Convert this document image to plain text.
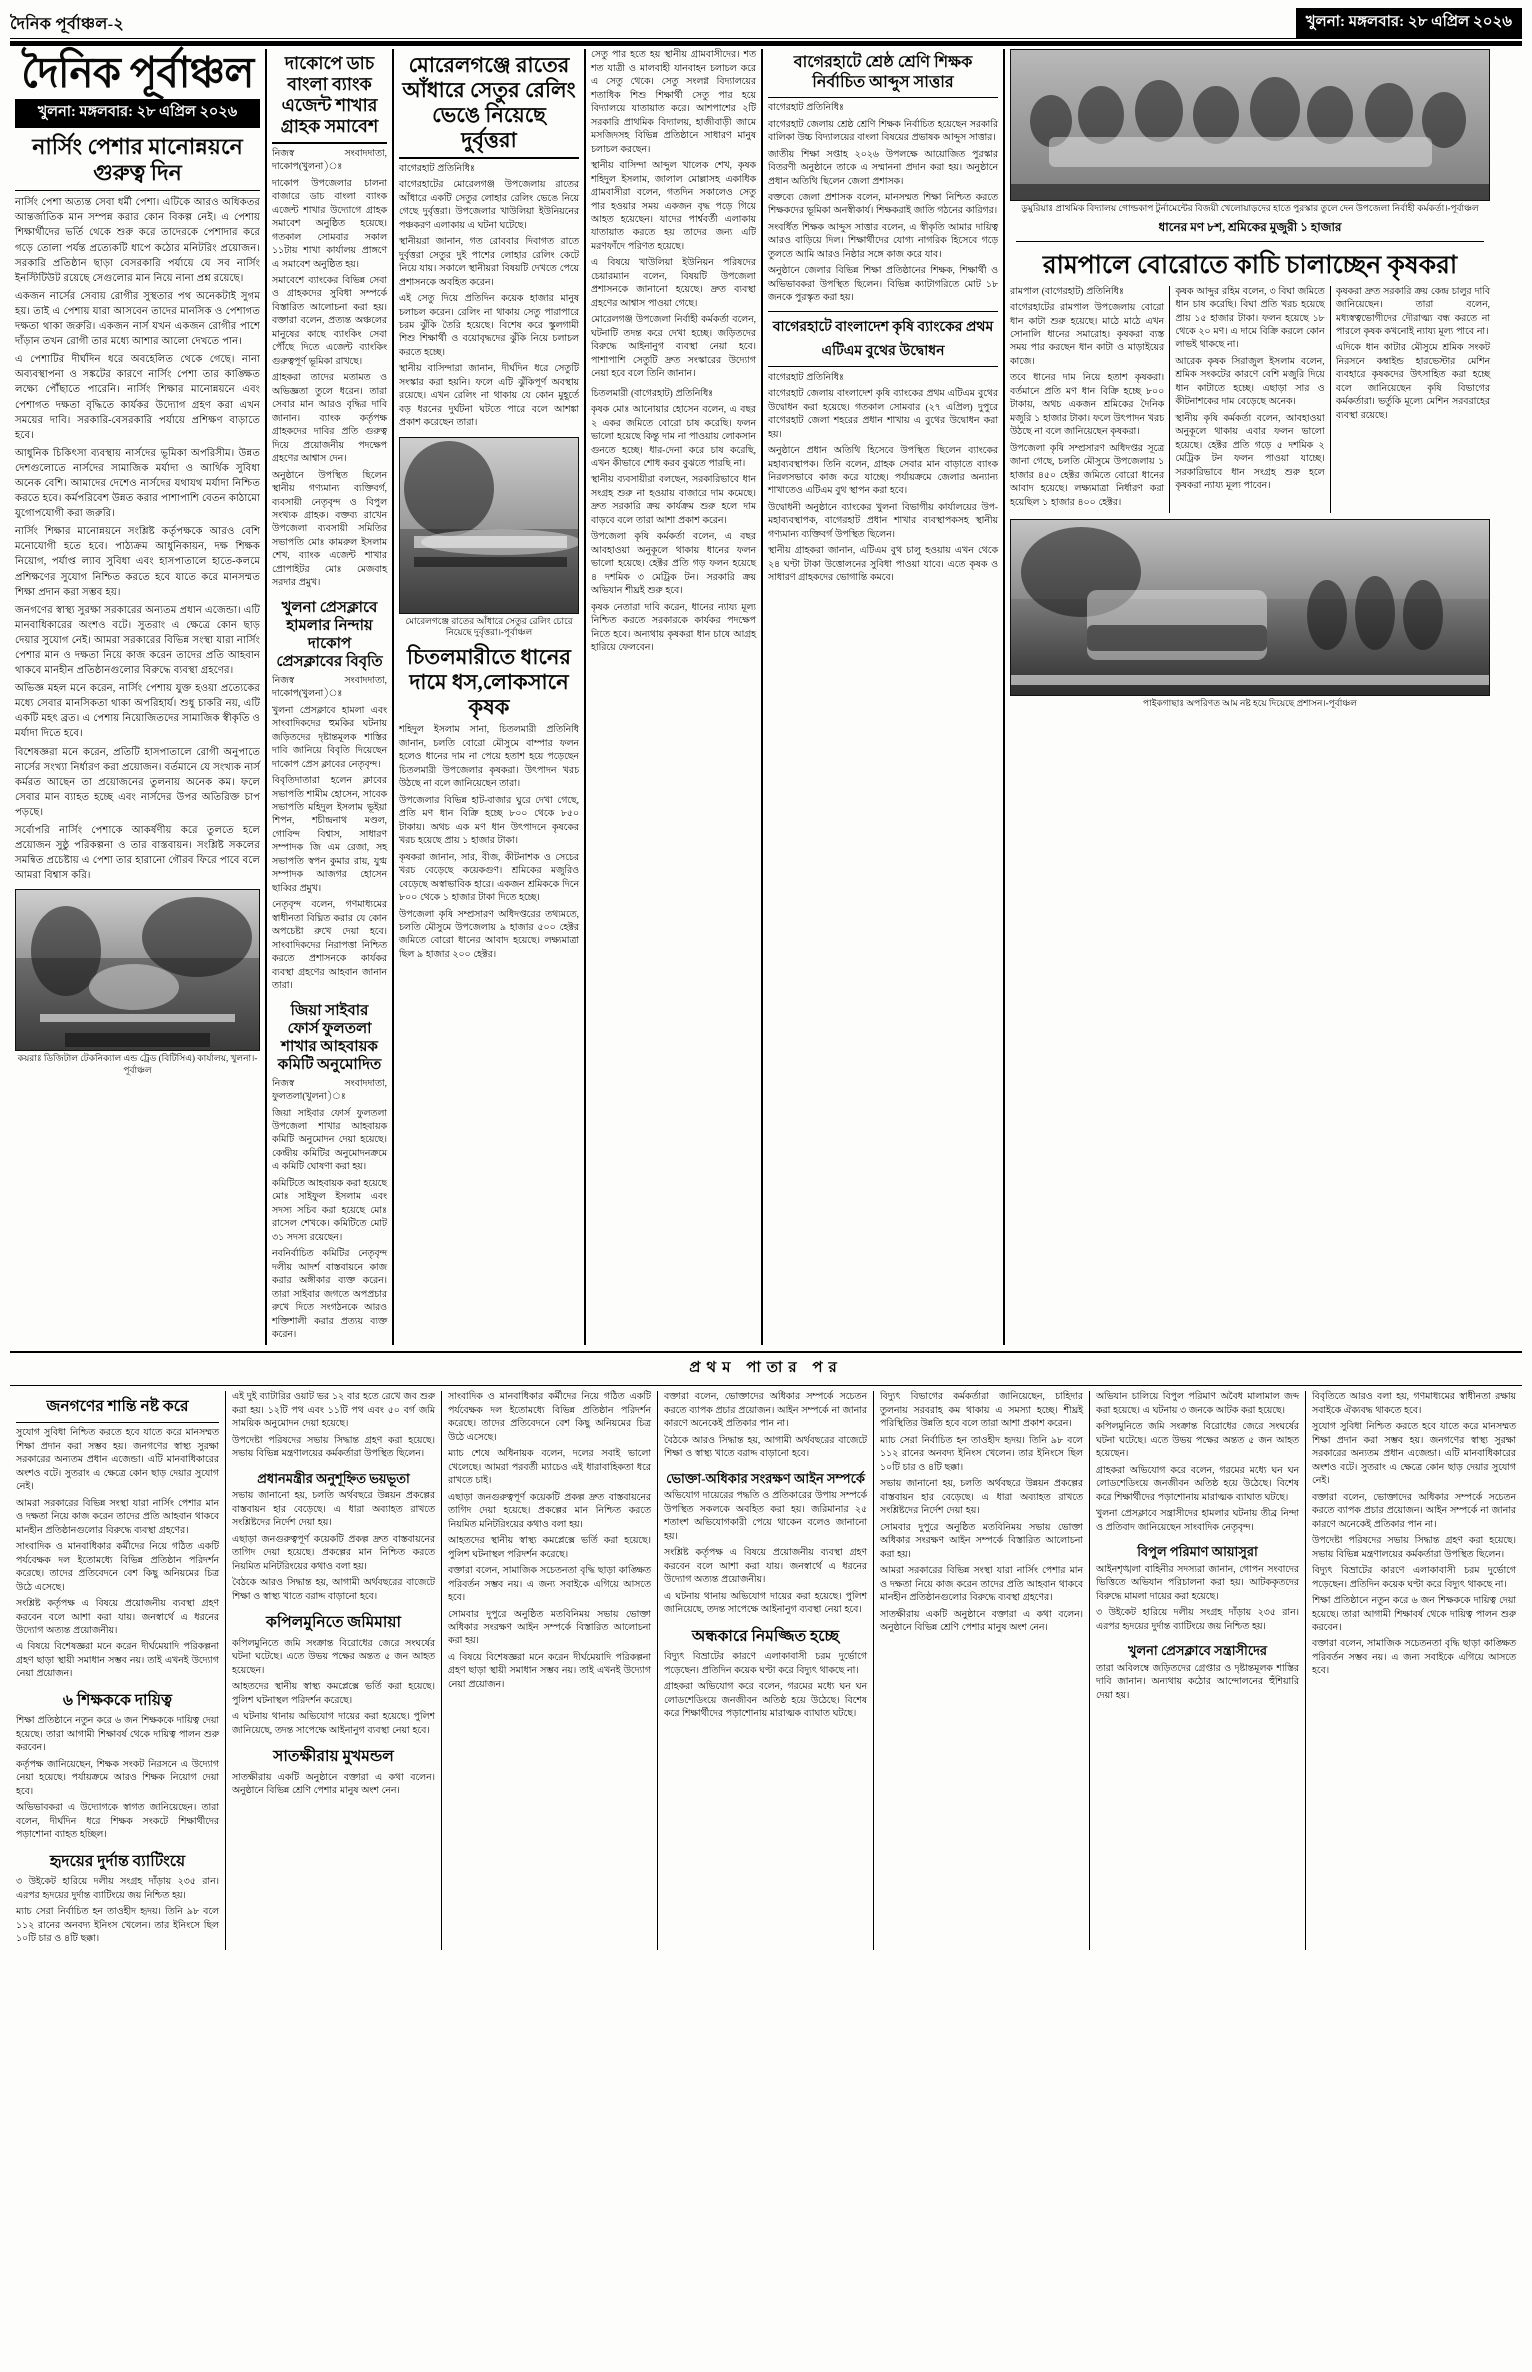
দৈনিক পূর্বাঞ্চল-২	খুলনা: মঙ্গলবার: ২৮ এপ্রিল ২০২৬
দৈনিক পূর্বাঞ্চল
খুলনা: মঙ্গলবার: ২৮ এপ্রিল ২০২৬
নার্সিং পেশার মানোন্নয়নে গুরুত্ব দিন

নার্সিং পেশা অত্যন্ত সেবা ধর্মী পেশা। এটিকে আরও অধিকতর আন্তর্জাতিক মান সম্পন্ন করার কোন বিকল্প নেই। এ পেশায় শিক্ষার্থীদের ভর্তি থেকে শুরু করে তাদেরকে পেশাদার করে গড়ে তোলা পর্যন্ত প্রত্যেকটি ধাপে কঠোর মনিটরিং প্রয়োজন। সরকারি প্রতিষ্ঠান ছাড়া বেসরকারি পর্যায়ে যে সব নার্সিং ইনস্টিটিউট রয়েছে সেগুলোর মান নিয়ে নানা প্রশ্ন রয়েছে।

একজন নার্সের সেবায় রোগীর সুস্থতার পথ অনেকটাই সুগম হয়। তাই এ পেশায় যারা আসবেন তাদের মানসিক ও পেশাগত দক্ষতা থাকা জরুরি। একজন নার্স যখন একজন রোগীর পাশে দাঁড়ান তখন রোগী তার মধ্যে আশার আলো দেখতে পান।

এ পেশাটির দীর্ঘদিন ধরে অবহেলিত থেকে গেছে। নানা অব্যবস্থাপনা ও সঙ্কটের কারণে নার্সিং পেশা তার কাঙ্ক্ষিত লক্ষ্যে পৌঁছাতে পারেনি। নার্সিং শিক্ষার মানোন্নয়নে এবং পেশাগত দক্ষতা বৃদ্ধিতে কার্যকর উদ্যোগ গ্রহণ করা এখন সময়ের দাবি। সরকারি-বেসরকারি পর্যায়ে প্রশিক্ষণ বাড়াতে হবে।

আধুনিক চিকিৎসা ব্যবস্থায় নার্সদের ভূমিকা অপরিসীম। উন্নত দেশগুলোতে নার্সদের সামাজিক মর্যাদা ও আর্থিক সুবিধা অনেক বেশি। আমাদের দেশেও নার্সদের যথাযথ মর্যাদা নিশ্চিত করতে হবে। কর্মপরিবেশ উন্নত করার পাশাপাশি বেতন কাঠামো যুগোপযোগী করা জরুরি।

নার্সিং শিক্ষার মানোন্নয়নে সংশ্লিষ্ট কর্তৃপক্ষকে আরও বেশি মনোযোগী হতে হবে। পাঠ্যক্রম আধুনিকায়ন, দক্ষ শিক্ষক নিয়োগ, পর্যাপ্ত ল্যাব সুবিধা এবং হাসপাতালে হাতে-কলমে প্রশিক্ষণের সুযোগ নিশ্চিত করতে হবে যাতে করে মানসম্মত শিক্ষা প্রদান করা সম্ভব হয়।

জনগণের স্বাস্থ্য সুরক্ষা সরকারের অন্যতম প্রধান এজেন্ডা। এটি মানবাধিকারের অংশও বটে। সুতরাং এ ক্ষেত্রে কোন ছাড় দেয়ার সুযোগ নেই। আমরা সরকারের বিভিন্ন সংস্থা যারা নার্সিং পেশার মান ও দক্ষতা নিয়ে কাজ করেন তাদের প্রতি আহবান থাকবে মানহীন প্রতিষ্ঠানগুলোর বিরুদ্ধে ব্যবস্থা গ্রহণের।

অভিজ্ঞ মহল মনে করেন, নার্সিং পেশায় যুক্ত হওয়া প্রত্যেকের মধ্যে সেবার মানসিকতা থাকা অপরিহার্য। শুধু চাকরি নয়, এটি একটি মহৎ ব্রত। এ পেশায় নিয়োজিতদের সামাজিক স্বীকৃতি ও মর্যাদা দিতে হবে।

বিশেষজ্ঞরা মনে করেন, প্রতিটি হাসপাতালে রোগী অনুপাতে নার্সের সংখ্যা নির্ধারণ করা প্রয়োজন। বর্তমানে যে সংখ্যক নার্স কর্মরত আছেন তা প্রয়োজনের তুলনায় অনেক কম। ফলে সেবার মান ব্যাহত হচ্ছে এবং নার্সদের উপর অতিরিক্ত চাপ পড়ছে।

সর্বোপরি নার্সিং পেশাকে আকর্ষণীয় করে তুলতে হলে প্রয়োজন সুষ্ঠু পরিকল্পনা ও তার বাস্তবায়ন। সংশ্লিষ্ট সকলের সমন্বিত প্রচেষ্টায় এ পেশা তার হারানো গৌরব ফিরে পাবে বলে আমরা বিশ্বাস করি।

কয়রাঃ ডিজিটাল টেকনিক্যাল এন্ড ট্রেড (বিটিসিএ) কার্যালয়, খুলনা।-পূর্বাঞ্চল
দাকোপে ডাচ বাংলা ব্যাংক এজেন্ট শাখার গ্রাহক সমাবেশ

নিজস্ব সংবাদদাতা, দাকোপ(খুলনা)ঃ

দাকোপ উপজেলার চালনা বাজারে ডাচ বাংলা ব্যাংক এজেন্ট শাখার উদ্যোগে গ্রাহক সমাবেশ অনুষ্ঠিত হয়েছে। গতকাল সোমবার সকাল ১১টায় শাখা কার্যালয় প্রাঙ্গণে এ সমাবেশ অনুষ্ঠিত হয়।

সমাবেশে ব্যাংকের বিভিন্ন সেবা ও গ্রাহকদের সুবিধা সম্পর্কে বিস্তারিত আলোচনা করা হয়। বক্তারা বলেন, প্রত্যন্ত অঞ্চলের মানুষের কাছে ব্যাংকিং সেবা পৌঁছে দিতে এজেন্ট ব্যাংকিং গুরুত্বপূর্ণ ভূমিকা রাখছে।

গ্রাহকরা তাদের মতামত ও অভিজ্ঞতা তুলে ধরেন। তারা সেবার মান আরও বৃদ্ধির দাবি জানান। ব্যাংক কর্তৃপক্ষ গ্রাহকদের দাবির প্রতি গুরুত্ব দিয়ে প্রয়োজনীয় পদক্ষেপ গ্রহণের আশ্বাস দেন।

অনুষ্ঠানে উপস্থিত ছিলেন স্থানীয় গণ্যমান্য ব্যক্তিবর্গ, ব্যবসায়ী নেতৃবৃন্দ ও বিপুল সংখ্যক গ্রাহক। বক্তব্য রাখেন উপজেলা ব্যবসায়ী সমিতির সভাপতি মোঃ কামরুল ইসলাম শেখ, ব্যাংক এজেন্ট শাখার প্রোপাইটর মোঃ মেজবাহ সরদার প্রমুখ।

খুলনা প্রেসক্লাবে হামলার নিন্দায় দাকোপ প্রেসক্লাবের বিবৃতি

নিজস্ব সংবাদদাতা, দাকোপ(খুলনা)ঃ

খুলনা প্রেসক্লাবে হামলা এবং সাংবাদিকদের হুমকির ঘটনায় জড়িতদের দৃষ্টান্তমূলক শাস্তির দাবি জানিয়ে বিবৃতি দিয়েছেন দাকোপ প্রেস ক্লাবের নেতৃবৃন্দ।

বিবৃতিদাতারা হলেন ক্লাবের সভাপতি শামীম হোসেন, সাবেক সভাপতি মহিদুল ইসলাম ভূইয়া শিপন, শচীন্দ্রনাথ মণ্ডল, গোবিন্দ বিশ্বাস, সাধারণ সম্পাদক জি এম রেজা, সহ সভাপতি স্বপন কুমার রায়, যুগ্ম সম্পাদক আজগর হোসেন ছাব্বির প্রমুখ।

নেতৃবৃন্দ বলেন, গণমাধ্যমের স্বাধীনতা বিঘ্নিত করার যে কোন অপচেষ্টা রুখে দেয়া হবে। সাংবাদিকদের নিরাপত্তা নিশ্চিত করতে প্রশাসনকে কার্যকর ব্যবস্থা গ্রহণের আহবান জানান তারা।

জিয়া সাইবার ফোর্স ফুলতলা শাখার আহবায়ক কমিটি অনুমোদিত

নিজস্ব সংবাদদাতা, ফুলতলা(খুলনা)ঃ

জিয়া সাইবার ফোর্স ফুলতলা উপজেলা শাখার আহবায়ক কমিটি অনুমোদন দেয়া হয়েছে। কেন্দ্রীয় কমিটির অনুমোদনক্রমে এ কমিটি ঘোষণা করা হয়।

কমিটিতে আহবায়ক করা হয়েছে মোঃ সাইফুল ইসলাম এবং সদস্য সচিব করা হয়েছে মোঃ রাসেল শেখকে। কমিটিতে মোট ৩১ সদস্য রয়েছেন।

নবনির্বাচিত কমিটির নেতৃবৃন্দ দলীয় আদর্শ বাস্তবায়নে কাজ করার অঙ্গীকার ব্যক্ত করেন। তারা সাইবার জগতে অপপ্রচার রুখে দিতে সংগঠনকে আরও শক্তিশালী করার প্রত্যয় ব্যক্ত করেন।

মোরেলগঞ্জে রাতের আঁধারে সেতুর রেলিং ভেঙে নিয়েছে দুর্বৃত্তরা

বাগেরহাট প্রতিনিধিঃ

বাগেরহাটের মোরেলগঞ্জ উপজেলায় রাতের আঁধারে একটি সেতুর লোহার রেলিং ভেঙে নিয়ে গেছে দুর্বৃত্তরা। উপজেলার খাউলিয়া ইউনিয়নের পঞ্চকরণ এলাকায় এ ঘটনা ঘটেছে।

স্থানীয়রা জানান, গত রোববার দিবাগত রাতে দুর্বৃত্তরা সেতুর দুই পাশের লোহার রেলিং কেটে নিয়ে যায়। সকালে স্থানীয়রা বিষয়টি দেখতে পেয়ে প্রশাসনকে অবহিত করেন।

এই সেতু দিয়ে প্রতিদিন কয়েক হাজার মানুষ চলাচল করেন। রেলিং না থাকায় সেতু পারাপারে চরম ঝুঁকি তৈরি হয়েছে। বিশেষ করে স্কুলগামী শিশু শিক্ষার্থী ও বয়োবৃদ্ধদের ঝুঁকি নিয়ে চলাচল করতে হচ্ছে।

স্থানীয় বাসিন্দারা জানান, দীর্ঘদিন ধরে সেতুটি সংস্কার করা হয়নি। ফলে এটি ঝুঁকিপূর্ণ অবস্থায় রয়েছে। এখন রেলিং না থাকায় যে কোন মুহূর্তে বড় ধরনের দুর্ঘটনা ঘটতে পারে বলে আশঙ্কা প্রকাশ করেছেন তারা।

মোরেলগঞ্জে রাতের আঁধারে সেতুর রেলিং চোরে নিয়েছে দুর্বৃত্তরা।-পূর্বাঞ্চল
চিতলমারীতে ধানের দামে ধস,লোকসানে কৃষক

শহিদুল ইসলাম সানা, চিতলমারী প্রতিনিধি জানান, চলতি বোরো মৌসুমে বাম্পার ফলন হলেও ধানের দাম না পেয়ে হতাশ হয়ে পড়েছেন চিতলমারী উপজেলার কৃষকরা। উৎপাদন খরচ উঠছে না বলে জানিয়েছেন তারা।

উপজেলার বিভিন্ন হাট-বাজার ঘুরে দেখা গেছে, প্রতি মণ ধান বিক্রি হচ্ছে ৮০০ থেকে ৮৫০ টাকায়। অথচ এক মণ ধান উৎপাদনে কৃষকের খরচ হয়েছে প্রায় ১ হাজার টাকা।

কৃষকরা জানান, সার, বীজ, কীটনাশক ও সেচের খরচ বেড়েছে কয়েকগুণ। শ্রমিকের মজুরিও বেড়েছে অস্বাভাবিক হারে। একজন শ্রমিককে দিনে ৮০০ থেকে ১ হাজার টাকা দিতে হচ্ছে।

উপজেলা কৃষি সম্প্রসারণ অধিদপ্তরের তথ্যমতে, চলতি মৌসুমে উপজেলায় ৯ হাজার ৫০০ হেক্টর জমিতে বোরো ধানের আবাদ হয়েছে। লক্ষ্যমাত্রা ছিল ৯ হাজার ২০০ হেক্টর।

সেতু পার হতে হয় স্থানীয় গ্রামবাসীদের। শত শত যাত্রী ও মালবাহী যানবাহন চলাচল করে এ সেতু থেকে। সেতু সংলগ্ন বিদ্যালয়ের শতাধিক শিশু শিক্ষার্থী সেতু পার হয়ে বিদ্যালয়ে যাতায়াত করে। আশপাশের ২টি সরকারি প্রাথমিক বিদ্যালয়, হাজীবাড়ী জামে মসজিদসহ বিভিন্ন প্রতিষ্ঠানে সাধারণ মানুষ চলাচল করছেন।

স্থানীয় বাসিন্দা আব্দুল খালেক শেখ, কৃষক শহিদুল ইসলাম, জালাল মোল্লাসহ একাধিক গ্রামবাসীরা বলেন, গতদিন সকালেও সেতু পার হওয়ার সময় একজন বৃদ্ধ পড়ে গিয়ে আহত হয়েছেন। যাদের পার্শ্ববর্তী এলাকায় যাতায়াত করতে হয় তাদের জন্য এটি মরণফাঁদে পরিণত হয়েছে।

এ বিষয়ে খাউলিয়া ইউনিয়ন পরিষদের চেয়ারম্যান বলেন, বিষয়টি উপজেলা প্রশাসনকে জানানো হয়েছে। দ্রুত ব্যবস্থা গ্রহণের আশ্বাস পাওয়া গেছে।

মোরেলগঞ্জ উপজেলা নির্বাহী কর্মকর্তা বলেন, ঘটনাটি তদন্ত করে দেখা হচ্ছে। জড়িতদের বিরুদ্ধে আইনানুগ ব্যবস্থা নেয়া হবে। পাশাপাশি সেতুটি দ্রুত সংস্কারের উদ্যোগ নেয়া হবে বলে তিনি জানান।

চিতলমারী (বাগেরহাট) প্রতিনিধিঃ

কৃষক মোঃ আনোয়ার হোসেন বলেন, এ বছর ২ একর জমিতে বোরো চাষ করেছি। ফলন ভালো হয়েছে কিন্তু দাম না পাওয়ায় লোকসান গুনতে হচ্ছে। ধার-দেনা করে চাষ করেছি, এখন কীভাবে শোধ করব বুঝতে পারছি না।

স্থানীয় ব্যবসায়ীরা বলছেন, সরকারিভাবে ধান সংগ্রহ শুরু না হওয়ায় বাজারে দাম কমেছে। দ্রুত সরকারি ক্রয় কার্যক্রম শুরু হলে দাম বাড়বে বলে তারা আশা প্রকাশ করেন।

উপজেলা কৃষি কর্মকর্তা বলেন, এ বছর আবহাওয়া অনুকূলে থাকায় ধানের ফলন ভালো হয়েছে। হেক্টর প্রতি গড় ফলন হয়েছে ৪ দশমিক ৩ মেট্রিক টন। সরকারি ক্রয় অভিযান শীঘ্রই শুরু হবে।

কৃষক নেতারা দাবি করেন, ধানের ন্যায্য মূল্য নিশ্চিত করতে সরকারকে কার্যকর পদক্ষেপ নিতে হবে। অন্যথায় কৃষকরা ধান চাষে আগ্রহ হারিয়ে ফেলবেন।

বাগেরহাটে শ্রেষ্ঠ শ্রেণি শিক্ষক নির্বাচিত আব্দুস সাত্তার

বাগেরহাট প্রতিনিধিঃ

বাগেরহাট জেলায় শ্রেষ্ঠ শ্রেণি শিক্ষক নির্বাচিত হয়েছেন সরকারি বালিকা উচ্চ বিদ্যালয়ের বাংলা বিষয়ের প্রভাষক আব্দুস সাত্তার।

জাতীয় শিক্ষা সপ্তাহ ২০২৬ উপলক্ষে আয়োজিত পুরস্কার বিতরণী অনুষ্ঠানে তাকে এ সম্মাননা প্রদান করা হয়। অনুষ্ঠানে প্রধান অতিথি ছিলেন জেলা প্রশাসক।

বক্তব্যে জেলা প্রশাসক বলেন, মানসম্মত শিক্ষা নিশ্চিত করতে শিক্ষকদের ভূমিকা অনস্বীকার্য। শিক্ষকরাই জাতি গঠনের কারিগর।

সংবর্ধিত শিক্ষক আব্দুস সাত্তার বলেন, এ স্বীকৃতি আমার দায়িত্ব আরও বাড়িয়ে দিল। শিক্ষার্থীদের যোগ্য নাগরিক হিসেবে গড়ে তুলতে আমি আরও নিষ্ঠার সঙ্গে কাজ করে যাব।

অনুষ্ঠানে জেলার বিভিন্ন শিক্ষা প্রতিষ্ঠানের শিক্ষক, শিক্ষার্থী ও অভিভাবকরা উপস্থিত ছিলেন। বিভিন্ন ক্যাটাগরিতে মোট ১৮ জনকে পুরস্কৃত করা হয়।

বাগেরহাটে বাংলাদেশ কৃষি ব্যাংকের প্রথম এটিএম বুথের উদ্বোধন

বাগেরহাট প্রতিনিধিঃ

বাগেরহাট জেলায় বাংলাদেশ কৃষি ব্যাংকের প্রথম এটিএম বুথের উদ্বোধন করা হয়েছে। গতকাল সোমবার (২৭ এপ্রিল) দুপুরে বাগেরহাট জেলা শহরের প্রধান শাখায় এ বুথের উদ্বোধন করা হয়।

অনুষ্ঠানে প্রধান অতিথি হিসেবে উপস্থিত ছিলেন ব্যাংকের মহাব্যবস্থাপক। তিনি বলেন, গ্রাহক সেবার মান বাড়াতে ব্যাংক নিরলসভাবে কাজ করে যাচ্ছে। পর্যায়ক্রমে জেলার অন্যান্য শাখাতেও এটিএম বুথ স্থাপন করা হবে।

উদ্বোধনী অনুষ্ঠানে ব্যাংকের খুলনা বিভাগীয় কার্যালয়ের উপ-মহাব্যবস্থাপক, বাগেরহাট প্রধান শাখার ব্যবস্থাপকসহ স্থানীয় গণ্যমান্য ব্যক্তিবর্গ উপস্থিত ছিলেন।

স্থানীয় গ্রাহকরা জানান, এটিএম বুথ চালু হওয়ায় এখন থেকে ২৪ ঘণ্টা টাকা উত্তোলনের সুবিধা পাওয়া যাবে। এতে কৃষক ও সাধারণ গ্রাহকদের ভোগান্তি কমবে।

ডুমুরিয়াঃ প্রাথমিক বিদ্যালয় গোল্ডকাপ টুর্নামেন্টের বিজয়ী খেলোয়াড়দের হাতে পুরস্কার তুলে দেন উপজেলা নির্বাহী কর্মকর্তা।-পূর্বাঞ্চল
ধানের মণ ৮শ, শ্রমিকের মুজুরী ১ হাজার
রামপালে বোরোতে কাচি চালাচ্ছেন কৃষকরা

রামপাল (বাগেরহাট) প্রতিনিধিঃ

বাগেরহাটের রামপাল উপজেলায় বোরো ধান কাটা শুরু হয়েছে। মাঠে মাঠে এখন সোনালি ধানের সমারোহ। কৃষকরা ব্যস্ত সময় পার করছেন ধান কাটা ও মাড়াইয়ের কাজে।

তবে ধানের দাম নিয়ে হতাশ কৃষকরা। বর্তমানে প্রতি মণ ধান বিক্রি হচ্ছে ৮০০ টাকায়, অথচ একজন শ্রমিকের দৈনিক মজুরি ১ হাজার টাকা। ফলে উৎপাদন খরচ উঠছে না বলে জানিয়েছেন কৃষকরা।

উপজেলা কৃষি সম্প্রসারণ অধিদপ্তর সূত্রে জানা গেছে, চলতি মৌসুমে উপজেলায় ১ হাজার ৪৫০ হেক্টর জমিতে বোরো ধানের আবাদ হয়েছে। লক্ষ্যমাত্রা নির্ধারণ করা হয়েছিল ১ হাজার ৪০০ হেক্টর।

কৃষক আব্দুর রহিম বলেন, ৩ বিঘা জমিতে ধান চাষ করেছি। বিঘা প্রতি খরচ হয়েছে প্রায় ১৫ হাজার টাকা। ফলন হয়েছে ১৮ থেকে ২০ মণ। এ দামে বিক্রি করলে কোন লাভই থাকছে না।

আরেক কৃষক সিরাজুল ইসলাম বলেন, শ্রমিক সংকটের কারণে বেশি মজুরি দিয়ে ধান কাটাতে হচ্ছে। এছাড়া সার ও কীটনাশকের দাম বেড়েছে অনেক।

স্থানীয় কৃষি কর্মকর্তা বলেন, আবহাওয়া অনুকূলে থাকায় এবার ফলন ভালো হয়েছে। হেক্টর প্রতি গড়ে ৫ দশমিক ২ মেট্রিক টন ফলন পাওয়া যাচ্ছে। সরকারিভাবে ধান সংগ্রহ শুরু হলে কৃষকরা ন্যায্য মূল্য পাবেন।

কৃষকরা দ্রুত সরকারি ক্রয় কেন্দ্র চালুর দাবি জানিয়েছেন। তারা বলেন, মধ্যস্বত্বভোগীদের দৌরাত্ম্য বন্ধ করতে না পারলে কৃষক কখনোই ন্যায্য মূল্য পাবে না।

এদিকে ধান কাটার মৌসুমে শ্রমিক সংকট নিরসনে কম্বাইন্ড হারভেস্টার মেশিন ব্যবহারে কৃষকদের উৎসাহিত করা হচ্ছে বলে জানিয়েছেন কৃষি বিভাগের কর্মকর্তারা। ভর্তুকি মূল্যে মেশিন সরবরাহের ব্যবস্থা রয়েছে।

পাইকগাছাঃ অপরিণত আম নষ্ট হয়ে দিয়েছে প্রশাসন।-পূর্বাঞ্চল
প্রথম পাতার পর
জনগণের শান্তি নষ্ট করে

সুযোগ সুবিধা নিশ্চিত করতে হবে যাতে করে মানসম্মত শিক্ষা প্রদান করা সম্ভব হয়। জনগণের স্বাস্থ্য সুরক্ষা সরকারের অন্যতম প্রধান এজেন্ডা। এটি মানবাধিকারের অংশও বটে। সুতরাং এ ক্ষেত্রে কোন ছাড় দেয়ার সুযোগ নেই।

আমরা সরকারের বিভিন্ন সংস্থা যারা নার্সিং পেশার মান ও দক্ষতা নিয়ে কাজ করেন তাদের প্রতি আহবান থাকবে মানহীন প্রতিষ্ঠানগুলোর বিরুদ্ধে ব্যবস্থা গ্রহণের।

সাংবাদিক ও মানবাধিকার কর্মীদের নিয়ে গঠিত একটি পর্যবেক্ষক দল ইতোমধ্যে বিভিন্ন প্রতিষ্ঠান পরিদর্শন করেছে। তাদের প্রতিবেদনে বেশ কিছু অনিয়মের চিত্র উঠে এসেছে।

সংশ্লিষ্ট কর্তৃপক্ষ এ বিষয়ে প্রয়োজনীয় ব্যবস্থা গ্রহণ করবেন বলে আশা করা যায়। জনস্বার্থে এ ধরনের উদ্যোগ অত্যন্ত প্রয়োজনীয়।

এ বিষয়ে বিশেষজ্ঞরা মনে করেন দীর্ঘমেয়াদি পরিকল্পনা গ্রহণ ছাড়া স্থায়ী সমাধান সম্ভব নয়। তাই এখনই উদ্যোগ নেয়া প্রয়োজন।

৬ শিক্ষককে দায়িত্ব

শিক্ষা প্রতিষ্ঠানে নতুন করে ৬ জন শিক্ষককে দায়িত্ব দেয়া হয়েছে। তারা আগামী শিক্ষাবর্ষ থেকে দায়িত্ব পালন শুরু করবেন।

কর্তৃপক্ষ জানিয়েছেন, শিক্ষক সংকট নিরসনে এ উদ্যোগ নেয়া হয়েছে। পর্যায়ক্রমে আরও শিক্ষক নিয়োগ দেয়া হবে।

অভিভাবকরা এ উদ্যোগকে স্বাগত জানিয়েছেন। তারা বলেন, দীর্ঘদিন ধরে শিক্ষক সংকটে শিক্ষার্থীদের পড়াশোনা ব্যাহত হচ্ছিল।

হৃদয়ের দুর্দান্ত ব্যাটিংয়ে

৩ উইকেট হারিয়ে দলীয় সংগ্রহ দাঁড়ায় ২৩৫ রান। এরপর হৃদয়ের দুর্দান্ত ব্যাটিংয়ে জয় নিশ্চিত হয়।

ম্যাচ সেরা নির্বাচিত হন তাওহীদ হৃদয়। তিনি ৯৮ বলে ১১২ রানের অনবদ্য ইনিংস খেলেন। তার ইনিংসে ছিল ১০টি চার ও ৪টি ছক্কা।

এই দুই ব্যাটারির ওয়াট ভর ১২ বার হতে রেখে জব শুরু করা হয়। ১২টি পথ এবং ১১টি পথ এবং ৫০ বর্গ জমি সাময়িক অনুমোদন দেয়া হয়েছে।

উপদেষ্টা পরিষদের সভায় সিদ্ধান্ত গ্রহণ করা হয়েছে। সভায় বিভিন্ন মন্ত্রণালয়ের কর্মকর্তারা উপস্থিত ছিলেন।

প্রধানমন্ত্রীর অনুশূহ্নিত ভয়ভূতা

সভায় জানানো হয়, চলতি অর্থবছরে উন্নয়ন প্রকল্পের বাস্তবায়ন হার বেড়েছে। এ ধারা অব্যাহত রাখতে সংশ্লিষ্টদের নির্দেশ দেয়া হয়।

এছাড়া জনগুরুত্বপূর্ণ কয়েকটি প্রকল্প দ্রুত বাস্তবায়নের তাগিদ দেয়া হয়েছে। প্রকল্পের মান নিশ্চিত করতে নিয়মিত মনিটরিংয়ের কথাও বলা হয়।

বৈঠকে আরও সিদ্ধান্ত হয়, আগামী অর্থবছরের বাজেটে শিক্ষা ও স্বাস্থ্য খাতে বরাদ্দ বাড়ানো হবে।

কপিলমুনিতে জমিমায়া

কপিলমুনিতে জমি সংক্রান্ত বিরোধের জেরে সংঘর্ষের ঘটনা ঘটেছে। এতে উভয় পক্ষের অন্তত ৫ জন আহত হয়েছেন।

আহতদের স্থানীয় স্বাস্থ্য কমপ্লেক্সে ভর্তি করা হয়েছে। পুলিশ ঘটনাস্থল পরিদর্শন করেছে।

এ ঘটনায় থানায় অভিযোগ দায়ের করা হয়েছে। পুলিশ জানিয়েছে, তদন্ত সাপেক্ষে আইনানুগ ব্যবস্থা নেয়া হবে।

সাতক্ষীরায় মুখমন্ডল

সাতক্ষীরায় একটি অনুষ্ঠানে বক্তারা এ কথা বলেন। অনুষ্ঠানে বিভিন্ন শ্রেণি পেশার মানুষ অংশ নেন।

সাংবাদিক ও মানবাধিকার কর্মীদের নিয়ে গঠিত একটি পর্যবেক্ষক দল ইতোমধ্যে বিভিন্ন প্রতিষ্ঠান পরিদর্শন করেছে। তাদের প্রতিবেদনে বেশ কিছু অনিয়মের চিত্র উঠে এসেছে।

ম্যাচ শেষে অধিনায়ক বলেন, দলের সবাই ভালো খেলেছে। আমরা পরবর্তী ম্যাচেও এই ধারাবাহিকতা ধরে রাখতে চাই।

এছাড়া জনগুরুত্বপূর্ণ কয়েকটি প্রকল্প দ্রুত বাস্তবায়নের তাগিদ দেয়া হয়েছে। প্রকল্পের মান নিশ্চিত করতে নিয়মিত মনিটরিংয়ের কথাও বলা হয়।

আহতদের স্থানীয় স্বাস্থ্য কমপ্লেক্সে ভর্তি করা হয়েছে। পুলিশ ঘটনাস্থল পরিদর্শন করেছে।

বক্তারা বলেন, সামাজিক সচেতনতা বৃদ্ধি ছাড়া কাঙ্ক্ষিত পরিবর্তন সম্ভব নয়। এ জন্য সবাইকে এগিয়ে আসতে হবে।

সোমবার দুপুরে অনুষ্ঠিত মতবিনিময় সভায় ভোক্তা অধিকার সংরক্ষণ আইন সম্পর্কে বিস্তারিত আলোচনা করা হয়।

এ বিষয়ে বিশেষজ্ঞরা মনে করেন দীর্ঘমেয়াদি পরিকল্পনা গ্রহণ ছাড়া স্থায়ী সমাধান সম্ভব নয়। তাই এখনই উদ্যোগ নেয়া প্রয়োজন।

বক্তারা বলেন, ভোক্তাদের অধিকার সম্পর্কে সচেতন করতে ব্যাপক প্রচার প্রয়োজন। আইন সম্পর্কে না জানার কারণে অনেকেই প্রতিকার পান না।

বৈঠকে আরও সিদ্ধান্ত হয়, আগামী অর্থবছরের বাজেটে শিক্ষা ও স্বাস্থ্য খাতে বরাদ্দ বাড়ানো হবে।

ভোক্তা-অধিকার সংরক্ষণ আইন সম্পর্কে

অভিযোগ দায়েরের পদ্ধতি ও প্রতিকারের উপায় সম্পর্কে উপস্থিত সকলকে অবহিত করা হয়। জরিমানার ২৫ শতাংশ অভিযোগকারী পেয়ে থাকেন বলেও জানানো হয়।

সংশ্লিষ্ট কর্তৃপক্ষ এ বিষয়ে প্রয়োজনীয় ব্যবস্থা গ্রহণ করবেন বলে আশা করা যায়। জনস্বার্থে এ ধরনের উদ্যোগ অত্যন্ত প্রয়োজনীয়।

এ ঘটনায় থানায় অভিযোগ দায়ের করা হয়েছে। পুলিশ জানিয়েছে, তদন্ত সাপেক্ষে আইনানুগ ব্যবস্থা নেয়া হবে।

অন্ধকারে নিমজ্জিত হচ্ছে

বিদ্যুৎ বিভ্রাটের কারণে এলাকাবাসী চরম দুর্ভোগে পড়েছেন। প্রতিদিন কয়েক ঘণ্টা করে বিদ্যুৎ থাকছে না।

গ্রাহকরা অভিযোগ করে বলেন, গরমের মধ্যে ঘন ঘন লোডশেডিংয়ে জনজীবন অতিষ্ঠ হয়ে উঠেছে। বিশেষ করে শিক্ষার্থীদের পড়াশোনায় মারাত্মক ব্যাঘাত ঘটছে।

বিদ্যুৎ বিভাগের কর্মকর্তারা জানিয়েছেন, চাহিদার তুলনায় সরবরাহ কম থাকায় এ সমস্যা হচ্ছে। শীঘ্রই পরিস্থিতির উন্নতি হবে বলে তারা আশা প্রকাশ করেন।

ম্যাচ সেরা নির্বাচিত হন তাওহীদ হৃদয়। তিনি ৯৮ বলে ১১২ রানের অনবদ্য ইনিংস খেলেন। তার ইনিংসে ছিল ১০টি চার ও ৪টি ছক্কা।

সভায় জানানো হয়, চলতি অর্থবছরে উন্নয়ন প্রকল্পের বাস্তবায়ন হার বেড়েছে। এ ধারা অব্যাহত রাখতে সংশ্লিষ্টদের নির্দেশ দেয়া হয়।

সোমবার দুপুরে অনুষ্ঠিত মতবিনিময় সভায় ভোক্তা অধিকার সংরক্ষণ আইন সম্পর্কে বিস্তারিত আলোচনা করা হয়।

আমরা সরকারের বিভিন্ন সংস্থা যারা নার্সিং পেশার মান ও দক্ষতা নিয়ে কাজ করেন তাদের প্রতি আহবান থাকবে মানহীন প্রতিষ্ঠানগুলোর বিরুদ্ধে ব্যবস্থা গ্রহণের।

সাতক্ষীরায় একটি অনুষ্ঠানে বক্তারা এ কথা বলেন। অনুষ্ঠানে বিভিন্ন শ্রেণি পেশার মানুষ অংশ নেন।

অভিযান চালিয়ে বিপুল পরিমাণ অবৈধ মালামাল জব্দ করা হয়েছে। এ ঘটনায় ৩ জনকে আটক করা হয়েছে।

কপিলমুনিতে জমি সংক্রান্ত বিরোধের জেরে সংঘর্ষের ঘটনা ঘটেছে। এতে উভয় পক্ষের অন্তত ৫ জন আহত হয়েছেন।

গ্রাহকরা অভিযোগ করে বলেন, গরমের মধ্যে ঘন ঘন লোডশেডিংয়ে জনজীবন অতিষ্ঠ হয়ে উঠেছে। বিশেষ করে শিক্ষার্থীদের পড়াশোনায় মারাত্মক ব্যাঘাত ঘটছে।

খুলনা প্রেসক্লাবে সন্ত্রাসীদের হামলার ঘটনায় তীব্র নিন্দা ও প্রতিবাদ জানিয়েছেন সাংবাদিক নেতৃবৃন্দ।

বিপুল পরিমাণ আয়াসুরা

আইনশৃঙ্খলা বাহিনীর সদস্যরা জানান, গোপন সংবাদের ভিত্তিতে অভিযান পরিচালনা করা হয়। আটককৃতদের বিরুদ্ধে মামলা দায়ের করা হয়েছে।

৩ উইকেট হারিয়ে দলীয় সংগ্রহ দাঁড়ায় ২৩৫ রান। এরপর হৃদয়ের দুর্দান্ত ব্যাটিংয়ে জয় নিশ্চিত হয়।

খুলনা প্রেসক্লাবে সন্ত্রাসীদের

তারা অবিলম্বে জড়িতদের গ্রেপ্তার ও দৃষ্টান্তমূলক শাস্তির দাবি জানান। অন্যথায় কঠোর আন্দোলনের হুঁশিয়ারি দেয়া হয়।

বিবৃতিতে আরও বলা হয়, গণমাধ্যমের স্বাধীনতা রক্ষায় সবাইকে ঐক্যবদ্ধ থাকতে হবে।

সুযোগ সুবিধা নিশ্চিত করতে হবে যাতে করে মানসম্মত শিক্ষা প্রদান করা সম্ভব হয়। জনগণের স্বাস্থ্য সুরক্ষা সরকারের অন্যতম প্রধান এজেন্ডা। এটি মানবাধিকারের অংশও বটে। সুতরাং এ ক্ষেত্রে কোন ছাড় দেয়ার সুযোগ নেই।

বক্তারা বলেন, ভোক্তাদের অধিকার সম্পর্কে সচেতন করতে ব্যাপক প্রচার প্রয়োজন। আইন সম্পর্কে না জানার কারণে অনেকেই প্রতিকার পান না।

উপদেষ্টা পরিষদের সভায় সিদ্ধান্ত গ্রহণ করা হয়েছে। সভায় বিভিন্ন মন্ত্রণালয়ের কর্মকর্তারা উপস্থিত ছিলেন।

বিদ্যুৎ বিভ্রাটের কারণে এলাকাবাসী চরম দুর্ভোগে পড়েছেন। প্রতিদিন কয়েক ঘণ্টা করে বিদ্যুৎ থাকছে না।

শিক্ষা প্রতিষ্ঠানে নতুন করে ৬ জন শিক্ষককে দায়িত্ব দেয়া হয়েছে। তারা আগামী শিক্ষাবর্ষ থেকে দায়িত্ব পালন শুরু করবেন।

বক্তারা বলেন, সামাজিক সচেতনতা বৃদ্ধি ছাড়া কাঙ্ক্ষিত পরিবর্তন সম্ভব নয়। এ জন্য সবাইকে এগিয়ে আসতে হবে।
